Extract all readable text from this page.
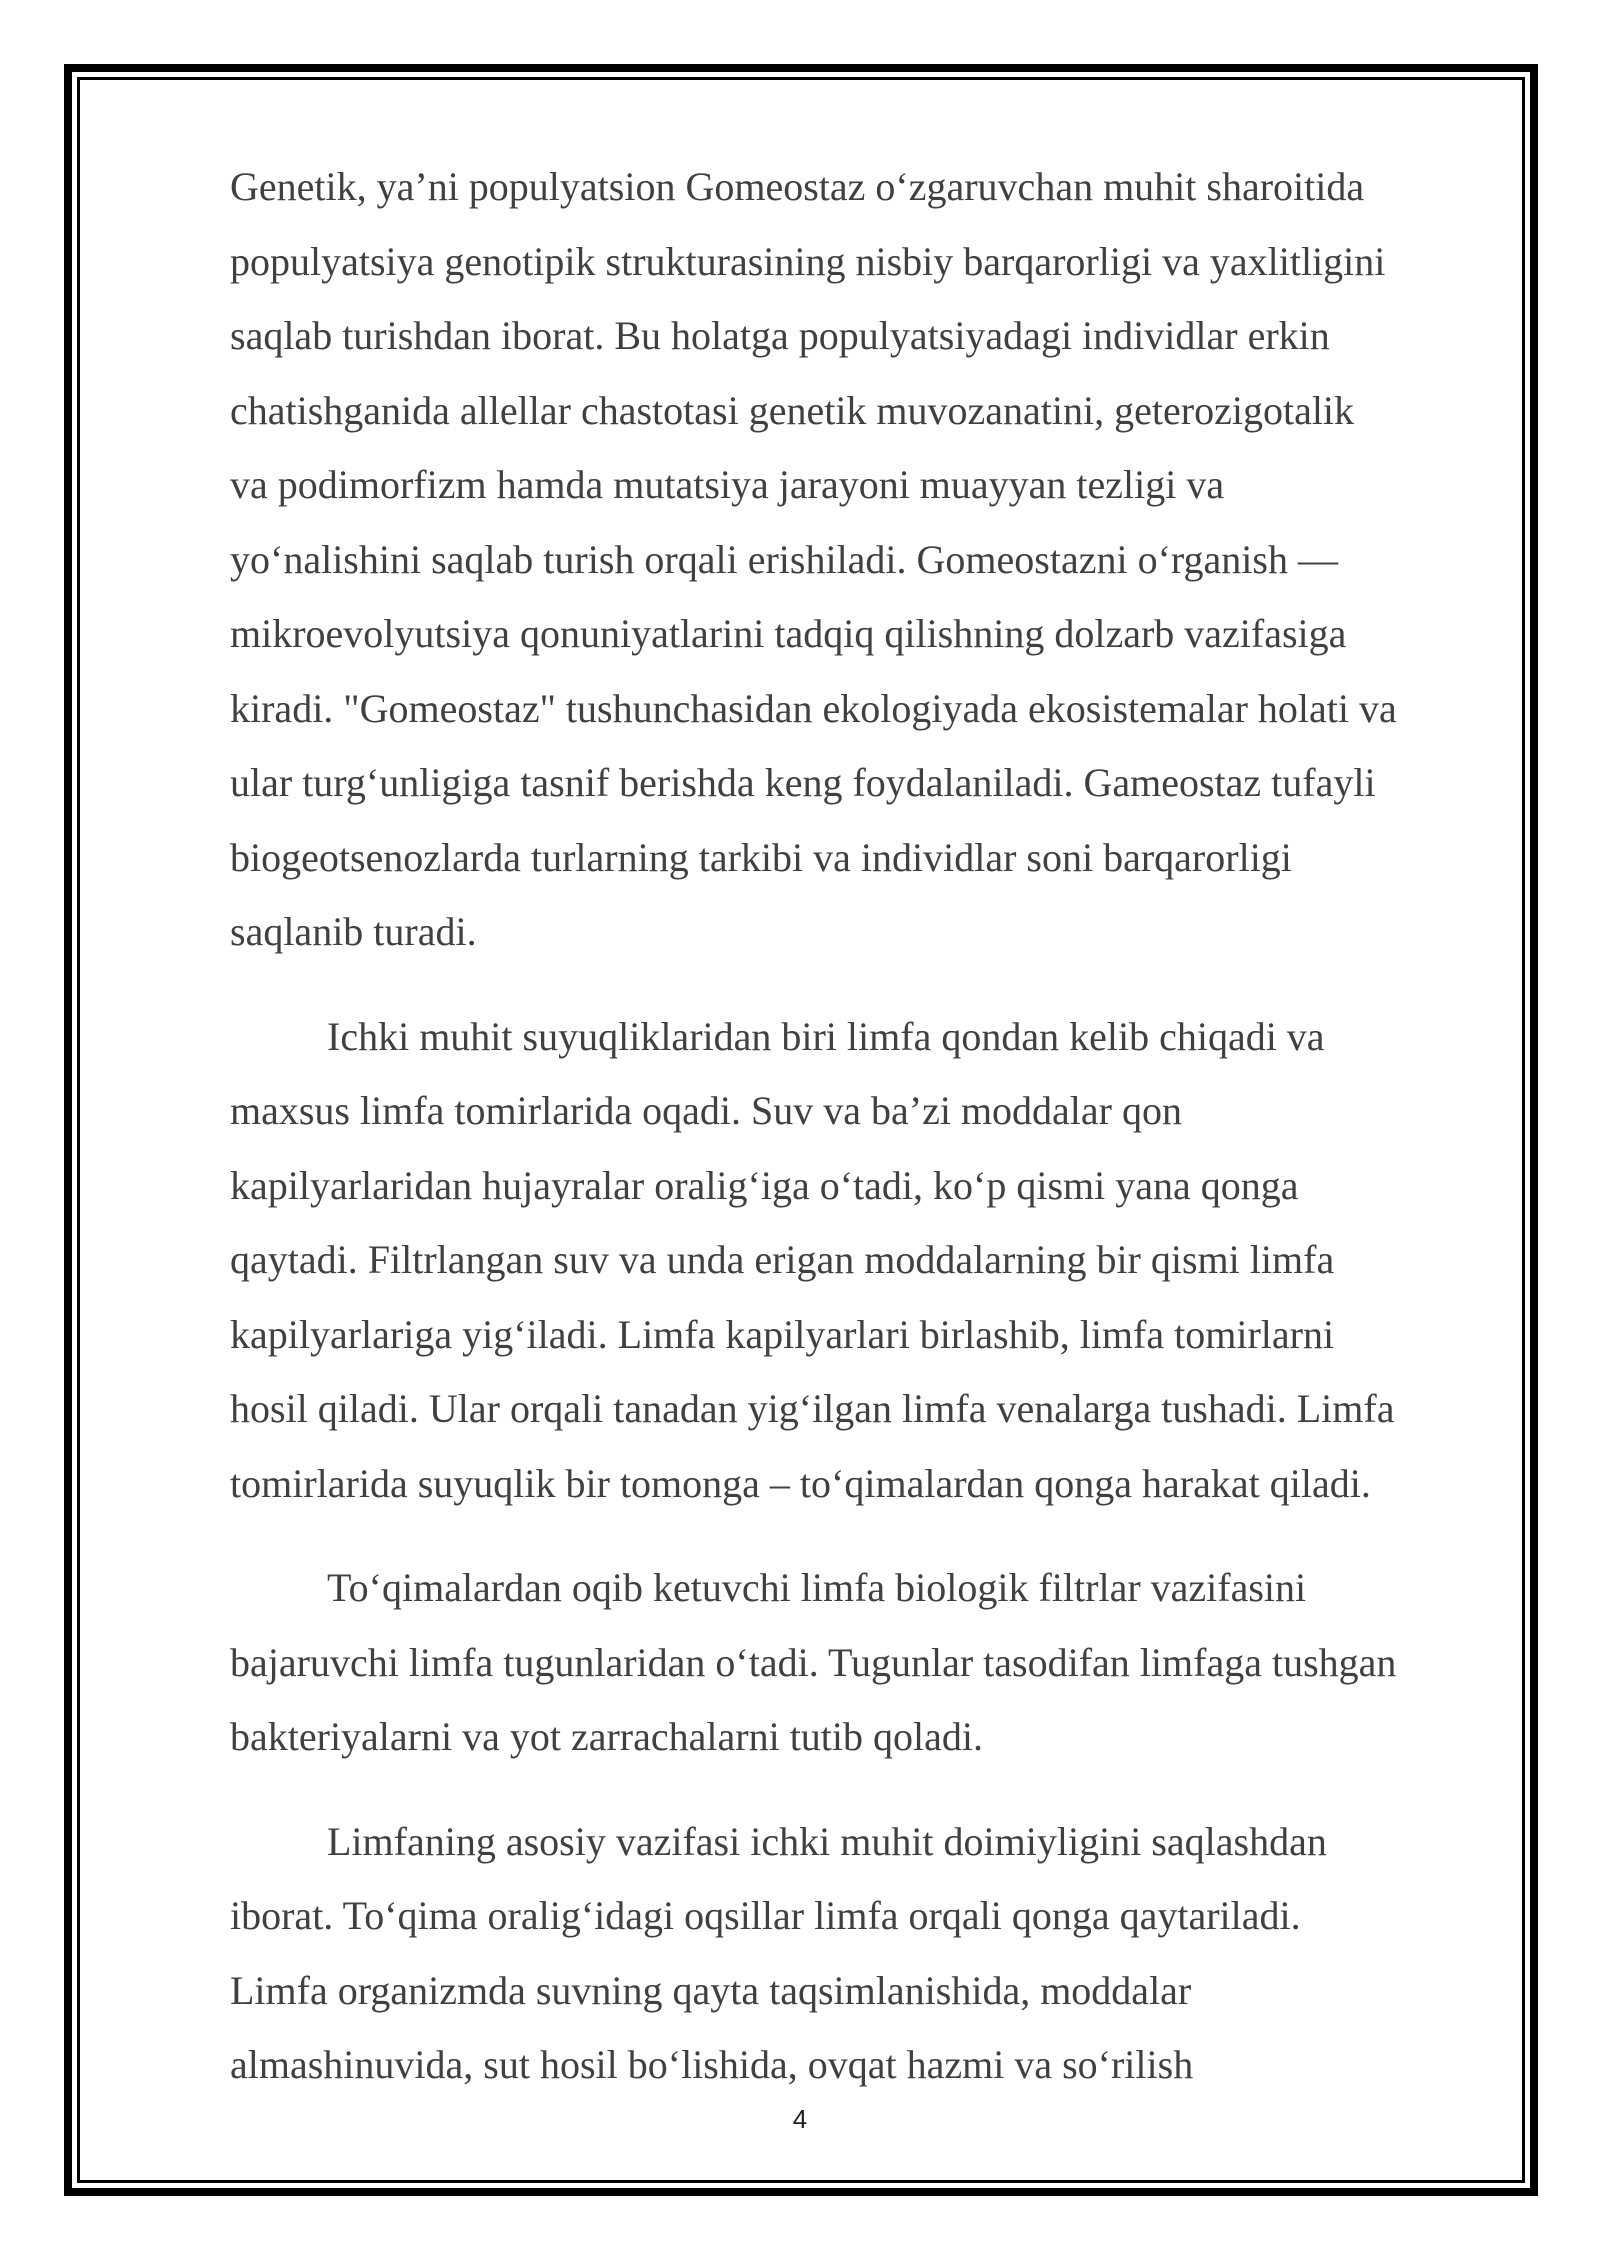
Genetik, ya’ni populyatsion Gomeostaz oʻzgaruvchan muhit sharoitida
populyatsiya genotipik strukturasining nisbiy barqarorligi va yaxlitligini
saqlab turishdan iborat. Bu holatga populyatsiyadagi individlar erkin
chatishganida allellar chastotasi genetik muvozanatini, geterozigotalik
va podimorfizm hamda mutatsiya jarayoni muayyan tezligi va
yoʻnalishini saqlab turish orqali erishiladi. Gomeostazni oʻrganish —
mikroevolyutsiya qonuniyatlarini tadqiq qilishning dolzarb vazifasiga
kiradi. "Gomeostaz" tushunchasidan ekologiyada ekosistemalar holati va
ular turgʻunligiga tasnif berishda keng foydalaniladi. Gameostaz tufayli
biogeotsenozlarda turlarning tarkibi va individlar soni barqarorligi
saqlanib turadi.

Ichki muhit suyuqliklaridan biri limfa qondan kelib chiqadi va
maxsus limfa tomirlarida oqadi. Suv va ba’zi moddalar qon
kapilyarlaridan hujayralar oraligʻiga oʻtadi, koʻp qismi yana qonga
qaytadi. Filtrlangan suv va unda erigan moddalarning bir qismi limfa
kapilyarlariga yigʻiladi. Limfa kapilyarlari birlashib, limfa tomirlarni
hosil qiladi. Ular orqali tanadan yigʻilgan limfa venalarga tushadi. Limfa
tomirlarida suyuqlik bir tomonga – toʻqimalardan qonga harakat qiladi.

Toʻqimalardan oqib ketuvchi limfa biologik filtrlar vazifasini
bajaruvchi limfa tugunlaridan oʻtadi. Tugunlar tasodifan limfaga tushgan
bakteriyalarni va yot zarrachalarni tutib qoladi.

Limfaning asosiy vazifasi ichki muhit doimiyligini saqlashdan
iborat. Toʻqima oraligʻidagi oqsillar limfa orqali qonga qaytariladi.
Limfa organizmda suvning qayta taqsimlanishida, moddalar
almashinuvida, sut hosil boʻlishida, ovqat hazmi va soʻrilish

4
